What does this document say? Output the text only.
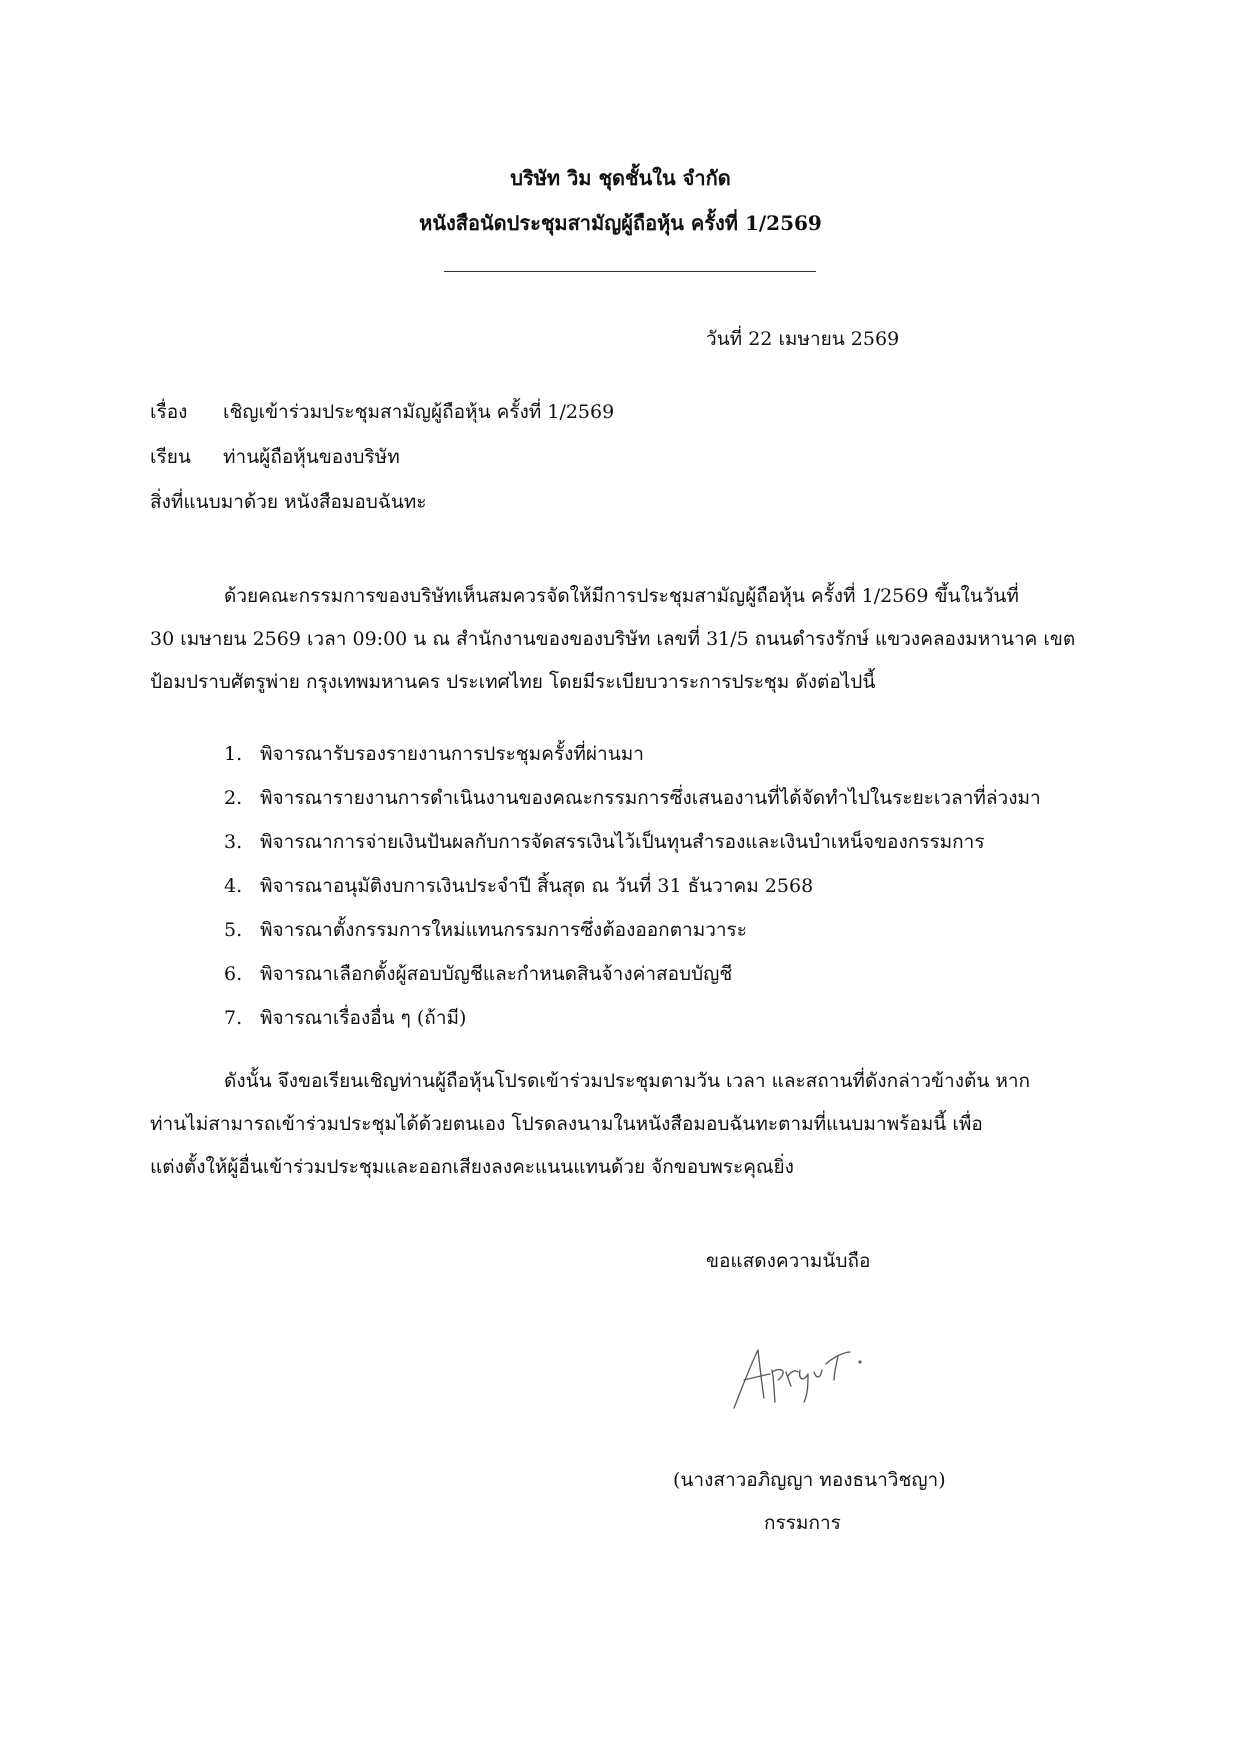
บริษัท วิม ชุดชั้นใน จำกัด
หนังสือนัดประชุมสามัญผู้ถือหุ้น ครั้งที่ 1/2569
วันที่ 22 เมษายน 2569
เรื่อง เชิญเข้าร่วมประชุมสามัญผู้ถือหุ้น ครั้งที่ 1/2569
เรียน ท่านผู้ถือหุ้นของบริษัท
สิ่งที่แนบมาด้วย หนังสือมอบฉันทะ
ด้วยคณะกรรมการของบริษัทเห็นสมควรจัดให้มีการประชุมสามัญผู้ถือหุ้น ครั้งที่ 1/2569 ขึ้นในวันที่
30 เมษายน 2569 เวลา 09:00 น ณ สำนักงานของของบริษัท เลขที่ 31/5 ถนนดำรงรักษ์ แขวงคลองมหานาค เขต
ป้อมปราบศัตรูพ่าย กรุงเทพมหานคร ประเทศไทย โดยมีระเบียบวาระการประชุม ดังต่อไปนี้
1. พิจารณารับรองรายงานการประชุมครั้งที่ผ่านมา
2. พิจารณารายงานการดำเนินงานของคณะกรรมการซึ่งเสนองานที่ได้จัดทำไปในระยะเวลาที่ล่วงมา
3. พิจารณาการจ่ายเงินปันผลกับการจัดสรรเงินไว้เป็นทุนสำรองและเงินบำเหน็จของกรรมการ
4. พิจารณาอนุมัติงบการเงินประจำปี สิ้นสุด ณ วันที่ 31 ธันวาคม 2568
5. พิจารณาตั้งกรรมการใหม่แทนกรรมการซึ่งต้องออกตามวาระ
6. พิจารณาเลือกตั้งผู้สอบบัญชีและกำหนดสินจ้างค่าสอบบัญชี
7. พิจารณาเรื่องอื่น ๆ (ถ้ามี)
ดังนั้น จึงขอเรียนเชิญท่านผู้ถือหุ้นโปรดเข้าร่วมประชุมตามวัน เวลา และสถานที่ดังกล่าวข้างต้น หาก
ท่านไม่สามารถเข้าร่วมประชุมได้ด้วยตนเอง โปรดลงนามในหนังสือมอบฉันทะตามที่แนบมาพร้อมนี้ เพื่อ
แต่งตั้งให้ผู้อื่นเข้าร่วมประชุมและออกเสียงลงคะแนนแทนด้วย จักขอบพระคุณยิ่ง
ขอแสดงความนับถือ
(นางสาวอภิญญา ทองธนาวิชญา)
กรรมการ
